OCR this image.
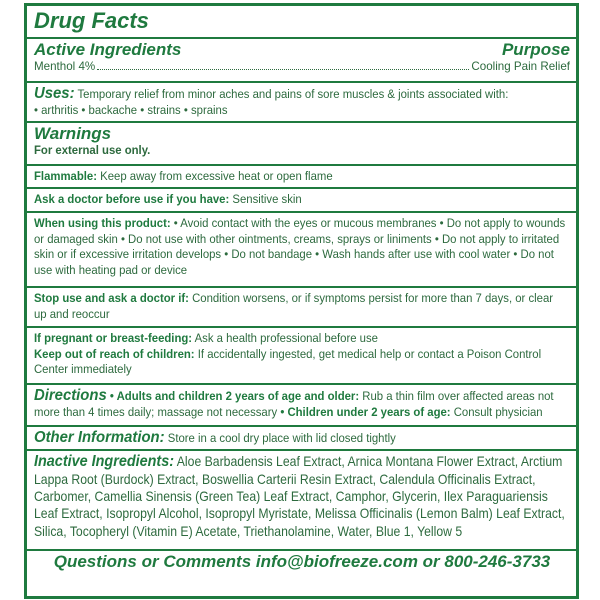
Drug Facts
Active Ingredients	Purpose
Menthol 4%	Cooling Pain Relief
Uses: Temporary relief from minor aches and pains of sore muscles & joints associated with:
• arthritis • backache • strains • sprains
Warnings
For external use only.
Flammable: Keep away from excessive heat or open flame
Ask a doctor before use if you have: Sensitive skin
When using this product: • Avoid contact with the eyes or mucous membranes • Do not apply to wounds or damaged skin • Do not use with other ointments, creams, sprays or liniments • Do not apply to irritated skin or if excessive irritation develops • Do not bandage • Wash hands after use with cool water • Do not use with heating pad or device
Stop use and ask a doctor if: Condition worsens, or if symptoms persist for more than 7 days, or clear up and reoccur
If pregnant or breast-feeding: Ask a health professional before use
Keep out of reach of children: If accidentally ingested, get medical help or contact a Poison Control Center immediately
Directions • Adults and children 2 years of age and older: Rub a thin film over affected areas not more than 4 times daily; massage not necessary • Children under 2 years of age: Consult physician
Other Information: Store in a cool dry place with lid closed tightly
Inactive Ingredients: Aloe Barbadensis Leaf Extract, Arnica Montana Flower Extract, Arctium Lappa Root (Burdock) Extract, Boswellia Carterii Resin Extract, Calendula Officinalis Extract, Carbomer, Camellia Sinensis (Green Tea) Leaf Extract, Camphor, Glycerin, Ilex Paraguariensis Leaf Extract, Isopropyl Alcohol, Isopropyl Myristate, Melissa Officinalis (Lemon Balm) Leaf Extract, Silica, Tocopheryl (Vitamin E) Acetate, Triethanolamine, Water, Blue 1, Yellow 5
Questions or Comments info@biofreeze.com or 800-246-3733
